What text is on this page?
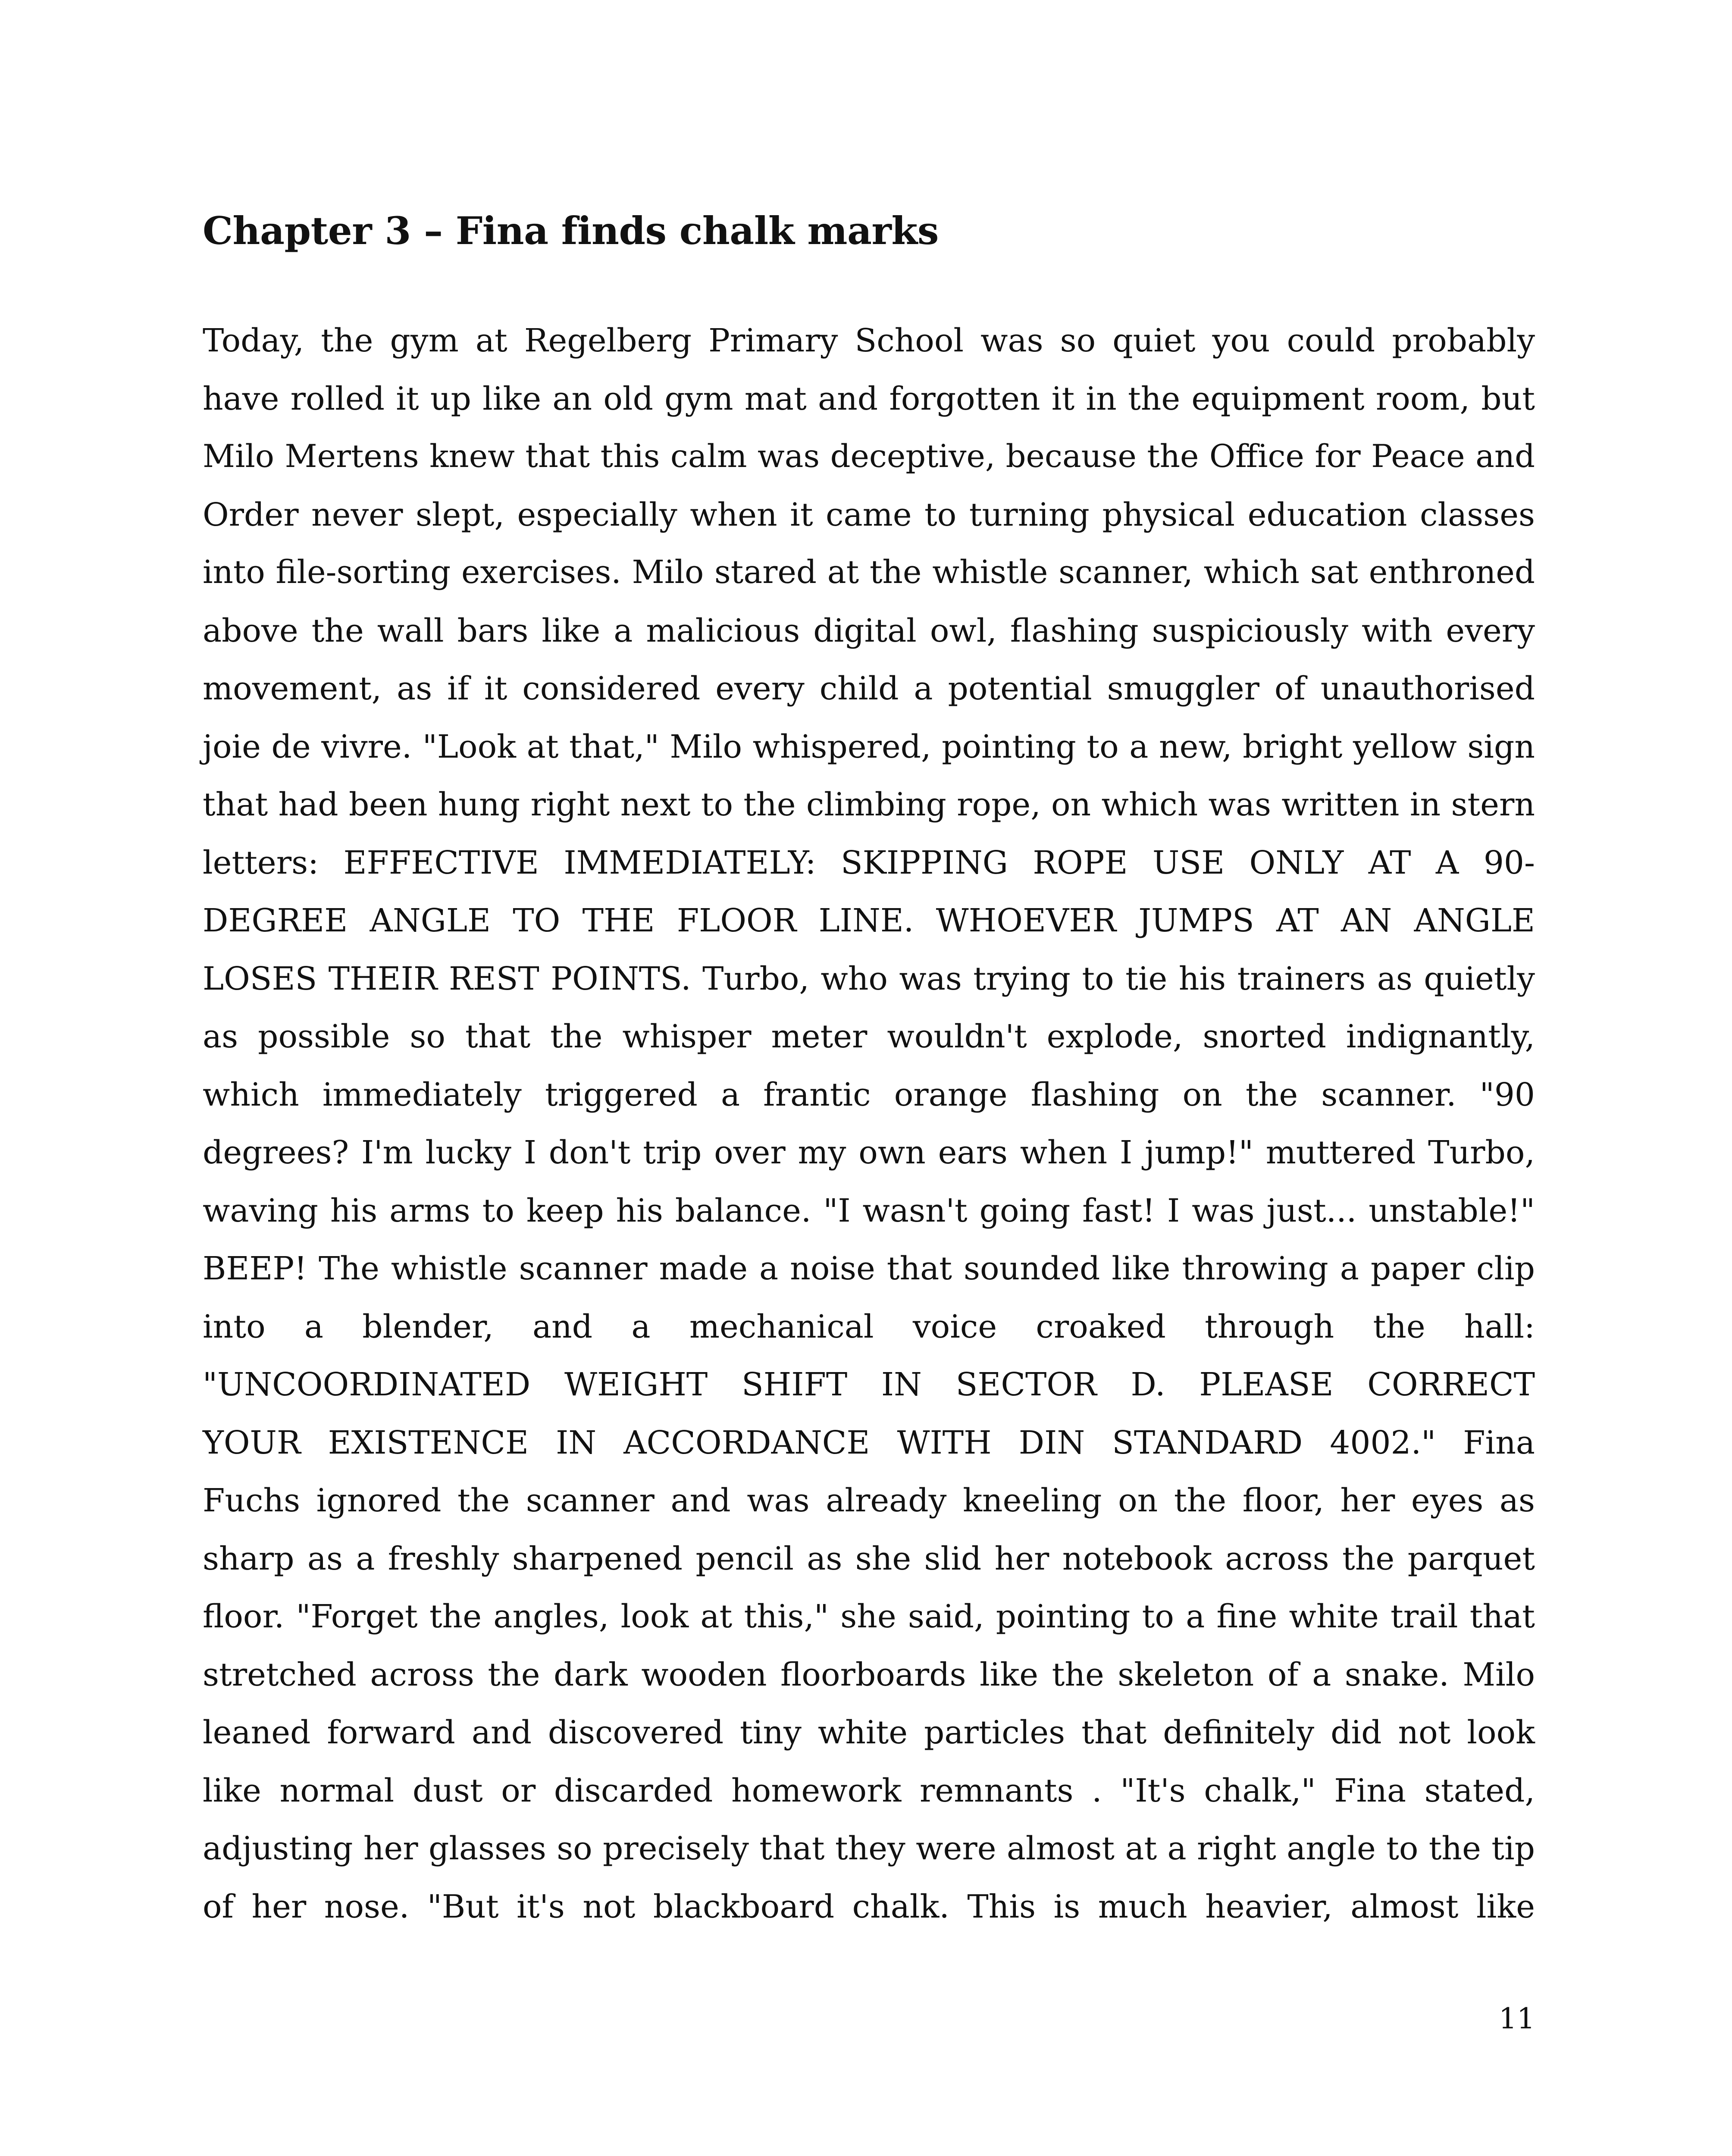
Chapter 3 – Fina finds chalk marks
Today, the gym at Regelberg Primary School was so quiet you could probably
have rolled it up like an old gym mat and forgotten it in the equipment room, but
Milo Mertens knew that this calm was deceptive, because the Office for Peace and
Order never slept, especially when it came to turning physical education classes
into file-sorting exercises. Milo stared at the whistle scanner, which sat enthroned
above the wall bars like a malicious digital owl, flashing suspiciously with every
movement, as if it considered every child a potential smuggler of unauthorised
joie de vivre. "Look at that," Milo whispered, pointing to a new, bright yellow sign
that had been hung right next to the climbing rope, on which was written in stern
letters: EFFECTIVE IMMEDIATELY: SKIPPING ROPE USE ONLY AT A 90-
DEGREE ANGLE TO THE FLOOR LINE. WHOEVER JUMPS AT AN ANGLE
LOSES THEIR REST POINTS. Turbo, who was trying to tie his trainers as quietly
as possible so that the whisper meter wouldn't explode, snorted indignantly,
which immediately triggered a frantic orange flashing on the scanner. "90
degrees? I'm lucky I don't trip over my own ears when I jump!" muttered Turbo,
waving his arms to keep his balance. "I wasn't going fast! I was just... unstable!"
BEEP! The whistle scanner made a noise that sounded like throwing a paper clip
into a blender, and a mechanical voice croaked through the hall:
"UNCOORDINATED WEIGHT SHIFT IN SECTOR D. PLEASE CORRECT
YOUR EXISTENCE IN ACCORDANCE WITH DIN STANDARD 4002." Fina
Fuchs ignored the scanner and was already kneeling on the floor, her eyes as
sharp as a freshly sharpened pencil as she slid her notebook across the parquet
floor. "Forget the angles, look at this," she said, pointing to a fine white trail that
stretched across the dark wooden floorboards like the skeleton of a snake. Milo
leaned forward and discovered tiny white particles that definitely did not look
like normal dust or discarded homework remnants . "It's chalk," Fina stated,
adjusting her glasses so precisely that they were almost at a right angle to the tip
of her nose. "But it's not blackboard chalk. This is much heavier, almost like
11
